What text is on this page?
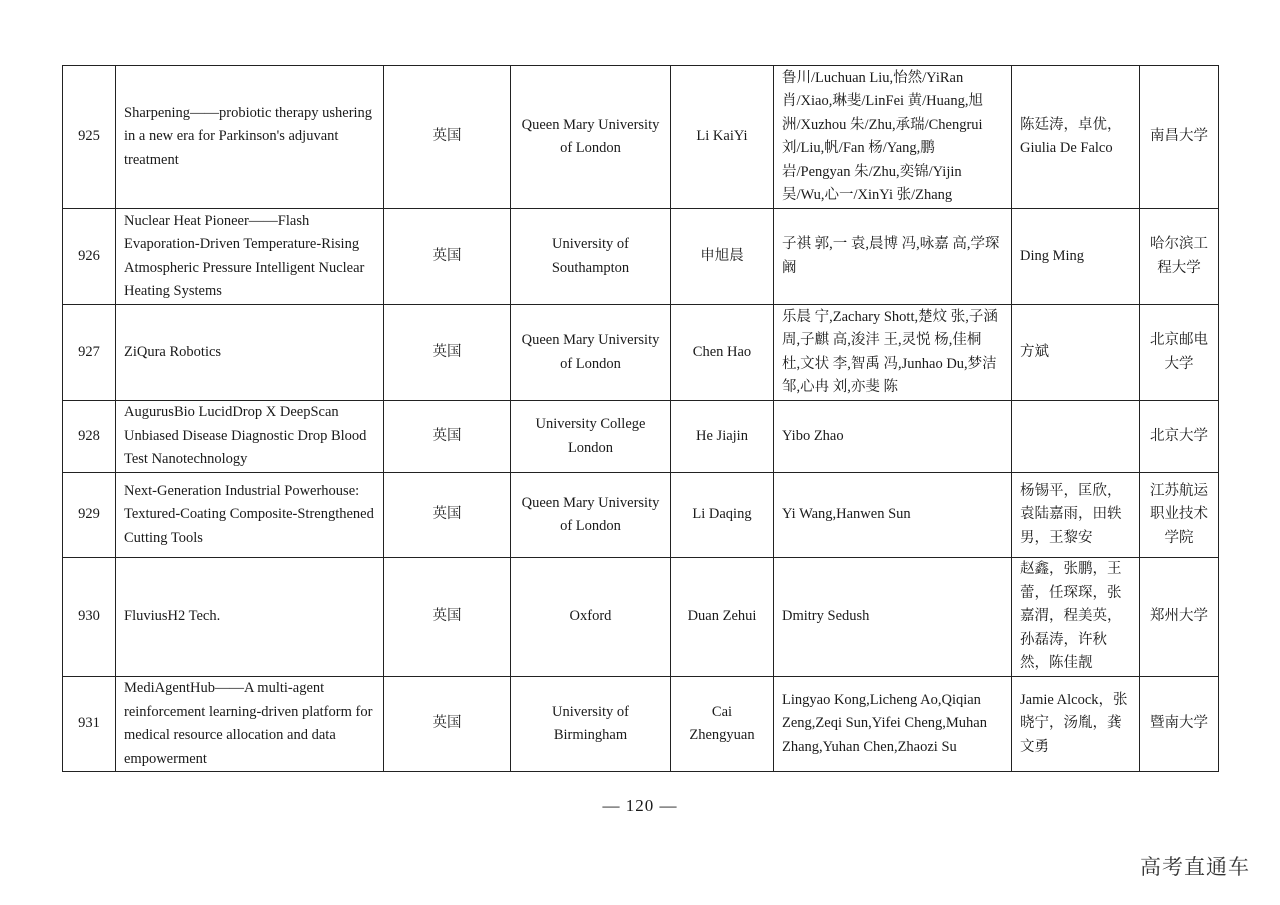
925	Sharpening——probiotic therapy ushering in a new era for Parkinson's adjuvant treatment	英国	Queen Mary University of London	Li KaiYi	鲁川/Luchuan Liu,怡然/YiRan 肖/Xiao,琳斐/LinFei 黄/Huang,旭洲/Xuzhou 朱/Zhu,承瑞/Chengrui 刘/Liu,帆/Fan 杨/Yang,鹏岩/Pengyan 朱/Zhu,奕锦/Yijin 吴/Wu,心一/XinYi 张/Zhang	陈廷涛，卓优，Giulia De Falco	南昌大学
926	Nuclear Heat Pioneer——Flash Evaporation-Driven Temperature-Rising Atmospheric Pressure Intelligent Nuclear Heating Systems	英国	University of Southampton	申旭晨	子祺 郭,一 袁,晨博 冯,咏嘉 高,学琛 阚	Ding Ming	哈尔滨工程大学
927	ZiQura Robotics	英国	Queen Mary University of London	Chen Hao	乐晨 宁,Zachary Shott,楚炆 张,子涵 周,子麒 高,浚沣 王,灵悦 杨,佳桐 杜,文状 李,智禹 冯,Junhao Du,梦洁 邹,心冉 刘,亦斐 陈	方斌	北京邮电大学
928	AugurusBio LucidDrop X DeepScan Unbiased Disease Diagnostic Drop Blood Test Nanotechnology	英国	University College London	He Jiajin	Yibo Zhao		北京大学
929	Next-Generation Industrial Powerhouse: Textured-Coating Composite-Strengthened Cutting Tools	英国	Queen Mary University of London	Li Daqing	Yi Wang,Hanwen Sun	杨锡平，匡欣，袁陆嘉雨，田轶男，王黎安	江苏航运职业技术学院
930	FluviusH2 Tech.	英国	Oxford	Duan Zehui	Dmitry Sedush	赵鑫，张鹏，王蕾，任琛琛，张嘉渭，程美英，孙磊涛，许秋然，陈佳靓	郑州大学
931	MediAgentHub——A multi-agent reinforcement learning-driven platform for medical resource allocation and data empowerment	英国	University of Birmingham	Cai Zhengyuan	Lingyao Kong,Licheng Ao,Qiqian Zeng,Zeqi Sun,Yifei Cheng,Muhan Zhang,Yuhan Chen,Zhaozi Su	Jamie Alcock，张晓宁，汤胤，龚文勇	暨南大学
— 120 —
高考直通车
